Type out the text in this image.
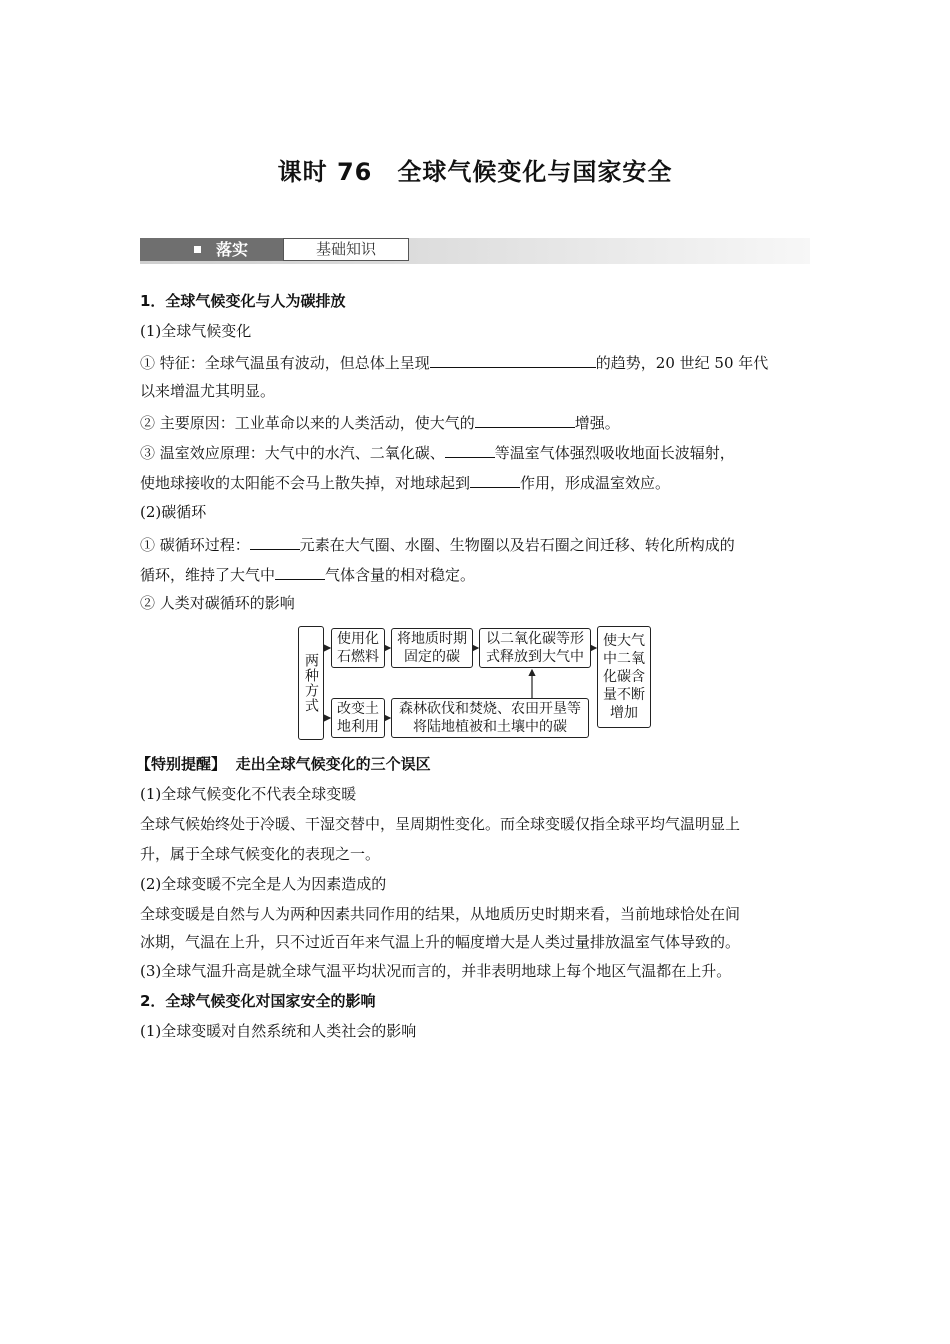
课时 76　全球气候变化与国家安全
落实	基础知识
1．全球气候变化与人为碳排放
(1)全球气候变化
① 特征：全球气温虽有波动，但总体上呈现	的趋势，20 世纪 50 年代
以来增温尤其明显。
② 主要原因：工业革命以来的人类活动，使大气的	增强。
③ 温室效应原理：大气中的水汽、二氧化碳、	等温室气体强烈吸收地面长波辐射，
使地球接收的太阳能不会马上散失掉，对地球起到	作用，形成温室效应。
(2)碳循环
① 碳循环过程：	元素在大气圈、水圈、生物圈以及岩石圈之间迁移、转化所构成的
循环，维持了大气中	气体含量的相对稳定。
② 人类对碳循环的影响
两种方式
使用化石燃料
将地质时期固定的碳
以二氧化碳等形式释放到大气中
改变土地利用
森林砍伐和焚烧、农田开垦等将陆地植被和土壤中的碳
使大气中二氧化碳含量不断增加
【特别提醒】 走出全球气候变化的三个误区
(1)全球气候变化不代表全球变暖
全球气候始终处于冷暖、干湿交替中，呈周期性变化。而全球变暖仅指全球平均气温明显上
升，属于全球气候变化的表现之一。
(2)全球变暖不完全是人为因素造成的
全球变暖是自然与人为两种因素共同作用的结果，从地质历史时期来看，当前地球恰处在间
冰期，气温在上升，只不过近百年来气温上升的幅度增大是人类过量排放温室气体导致的。
(3)全球气温升高是就全球气温平均状况而言的，并非表明地球上每个地区气温都在上升。
2．全球气候变化对国家安全的影响
(1)全球变暖对自然系统和人类社会的影响
